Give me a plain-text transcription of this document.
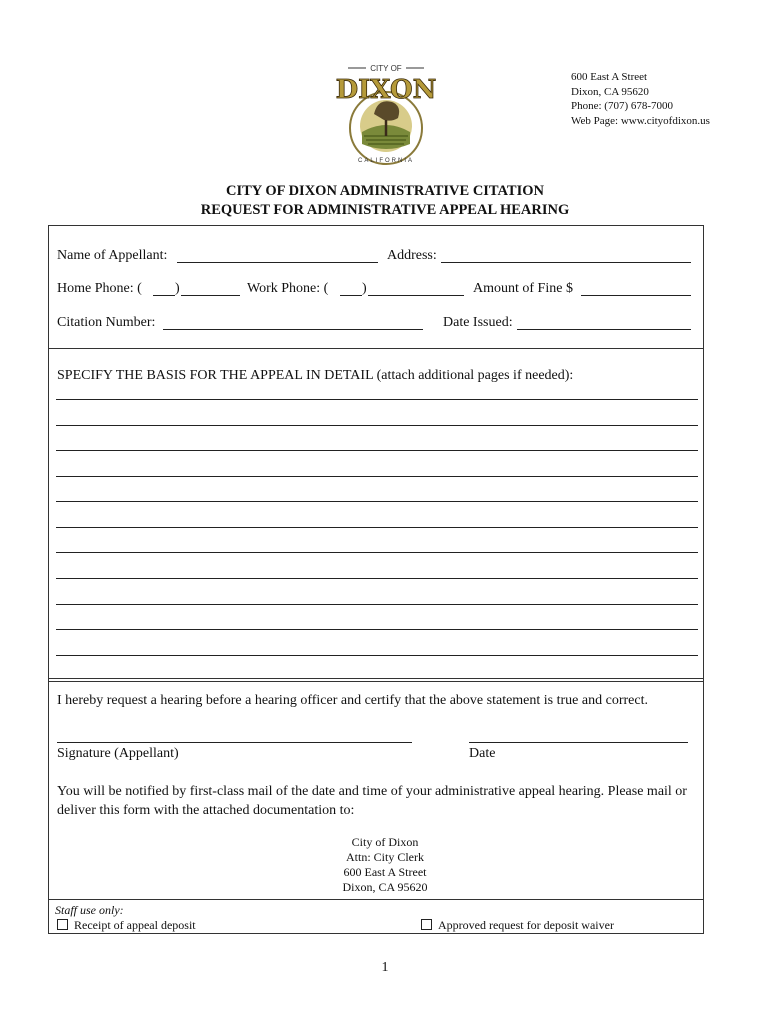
CITY OF
DIXON
CALIFORNIA
600 East A Street
Dixon, CA 95620
Phone: (707) 678-7000
Web Page: www.cityofdixon.us
CITY OF DIXON ADMINISTRATIVE CITATION
REQUEST FOR ADMINISTRATIVE APPEAL HEARING
Name of Appellant:	Address:
Home Phone: ( )	Work Phone: ( )	Amount of Fine $
Citation Number:	Date Issued:
SPECIFY THE BASIS FOR THE APPEAL IN DETAIL (attach additional pages if needed):
I hereby request a hearing before a hearing officer and certify that the above statement is true and correct.
Signature (Appellant)	Date
You will be notified by first-class mail of the date and time of your administrative appeal hearing. Please mail or deliver this form with the attached documentation to:
City of Dixon
Attn: City Clerk
600 East A Street
Dixon, CA 95620
Staff use only:
Receipt of appeal deposit	Approved request for deposit waiver
1
